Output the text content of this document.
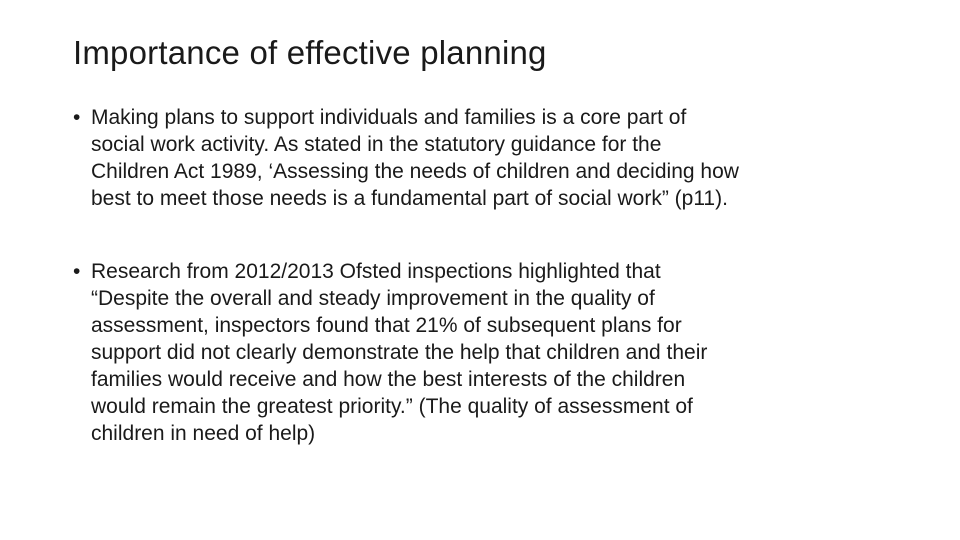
Importance of effective planning
• Making plans to support individuals and families is a core part of
social work activity. As stated in the statutory guidance for the
Children Act 1989, ‘Assessing the needs of children and deciding how
best to meet those needs is a fundamental part of social work” (p11).
• Research from 2012/2013 Ofsted inspections highlighted that
“Despite the overall and steady improvement in the quality of
assessment, inspectors found that 21% of subsequent plans for
support did not clearly demonstrate the help that children and their
families would receive and how the best interests of the children
would remain the greatest priority.” (The quality of assessment of
children in need of help)
